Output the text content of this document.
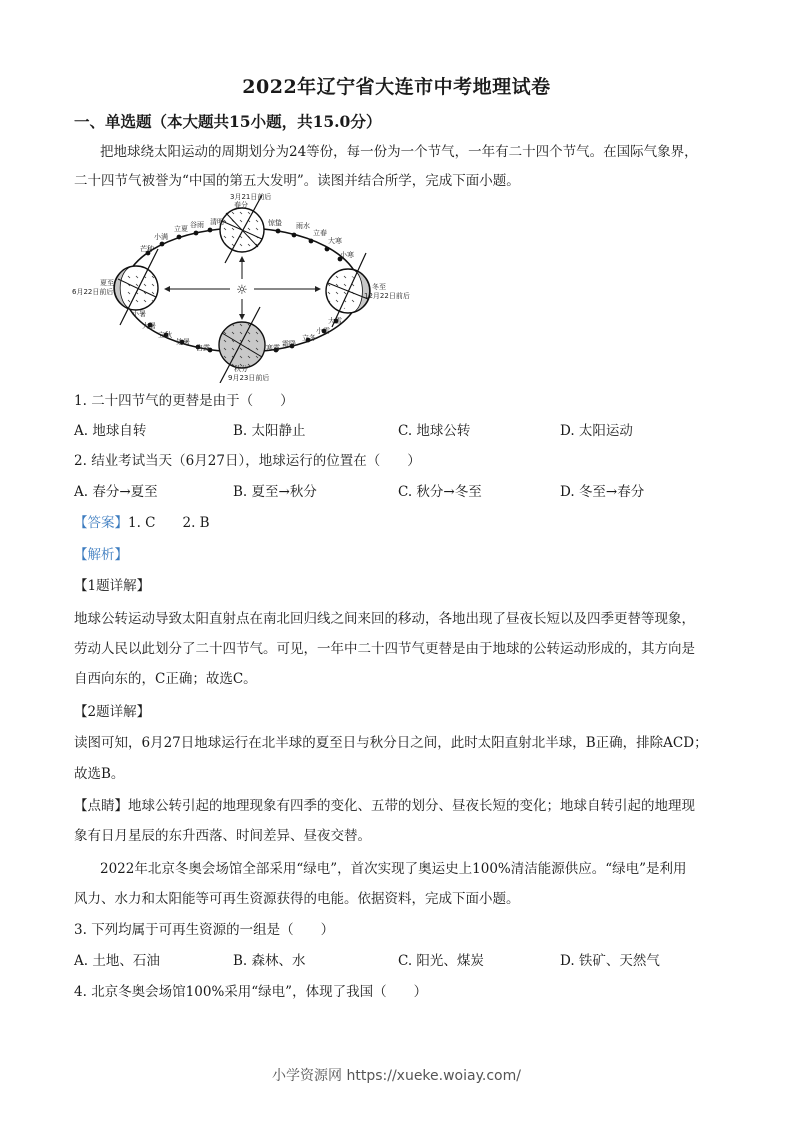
2022年辽宁省大连市中考地理试卷
一、单选题（本大题共15小题，共15.0分）
把地球绕太阳运动的周期划分为24等份，每一份为一个节气，一年有二十四个节气。在国际气象界，
二十四节气被誉为“中国的第五大发明”。读图并结合所学，完成下面小题。
☼
3月21日前后
春分
夏至
6月22日前后
秋分
9月23日前后
冬至
12月22日前后
芒种
小满
立夏 谷雨 清明	惊蛰 雨水
立春
大寒
小寒
小暑
大暑
立秋
处暑
白露	寒露 霜降
立冬
小雪
大雪
1. 二十四节气的更替是由于（　　）
A. 地球自转	B. 太阳静止	C. 地球公转	D. 太阳运动
2. 结业考试当天（6月27日），地球运行的位置在（　　）
A. 春分→夏至	B. 夏至→秋分	C. 秋分→冬至	D. 冬至→春分
【答案】1. C　　2. B
【解析】
【1题详解】
地球公转运动导致太阳直射点在南北回归线之间来回的移动，各地出现了昼夜长短以及四季更替等现象，
劳动人民以此划分了二十四节气。可见，一年中二十四节气更替是由于地球的公转运动形成的，其方向是
自西向东的，C正确；故选C。
【2题详解】
读图可知，6月27日地球运行在北半球的夏至日与秋分日之间，此时太阳直射北半球，B正确，排除ACD；
故选B。
【点睛】地球公转引起的地理现象有四季的变化、五带的划分、昼夜长短的变化；地球自转引起的地理现
象有日月星辰的东升西落、时间差异、昼夜交替。
2022年北京冬奥会场馆全部采用“绿电”，首次实现了奥运史上100%清洁能源供应。“绿电”是利用
风力、水力和太阳能等可再生资源获得的电能。依据资料，完成下面小题。
3. 下列均属于可再生资源的一组是（　　）
A. 土地、石油	B. 森林、水	C. 阳光、煤炭	D. 铁矿、天然气
4. 北京冬奥会场馆100%采用“绿电”，体现了我国（　　）
小学资源网 https://xueke.woiay.com/
